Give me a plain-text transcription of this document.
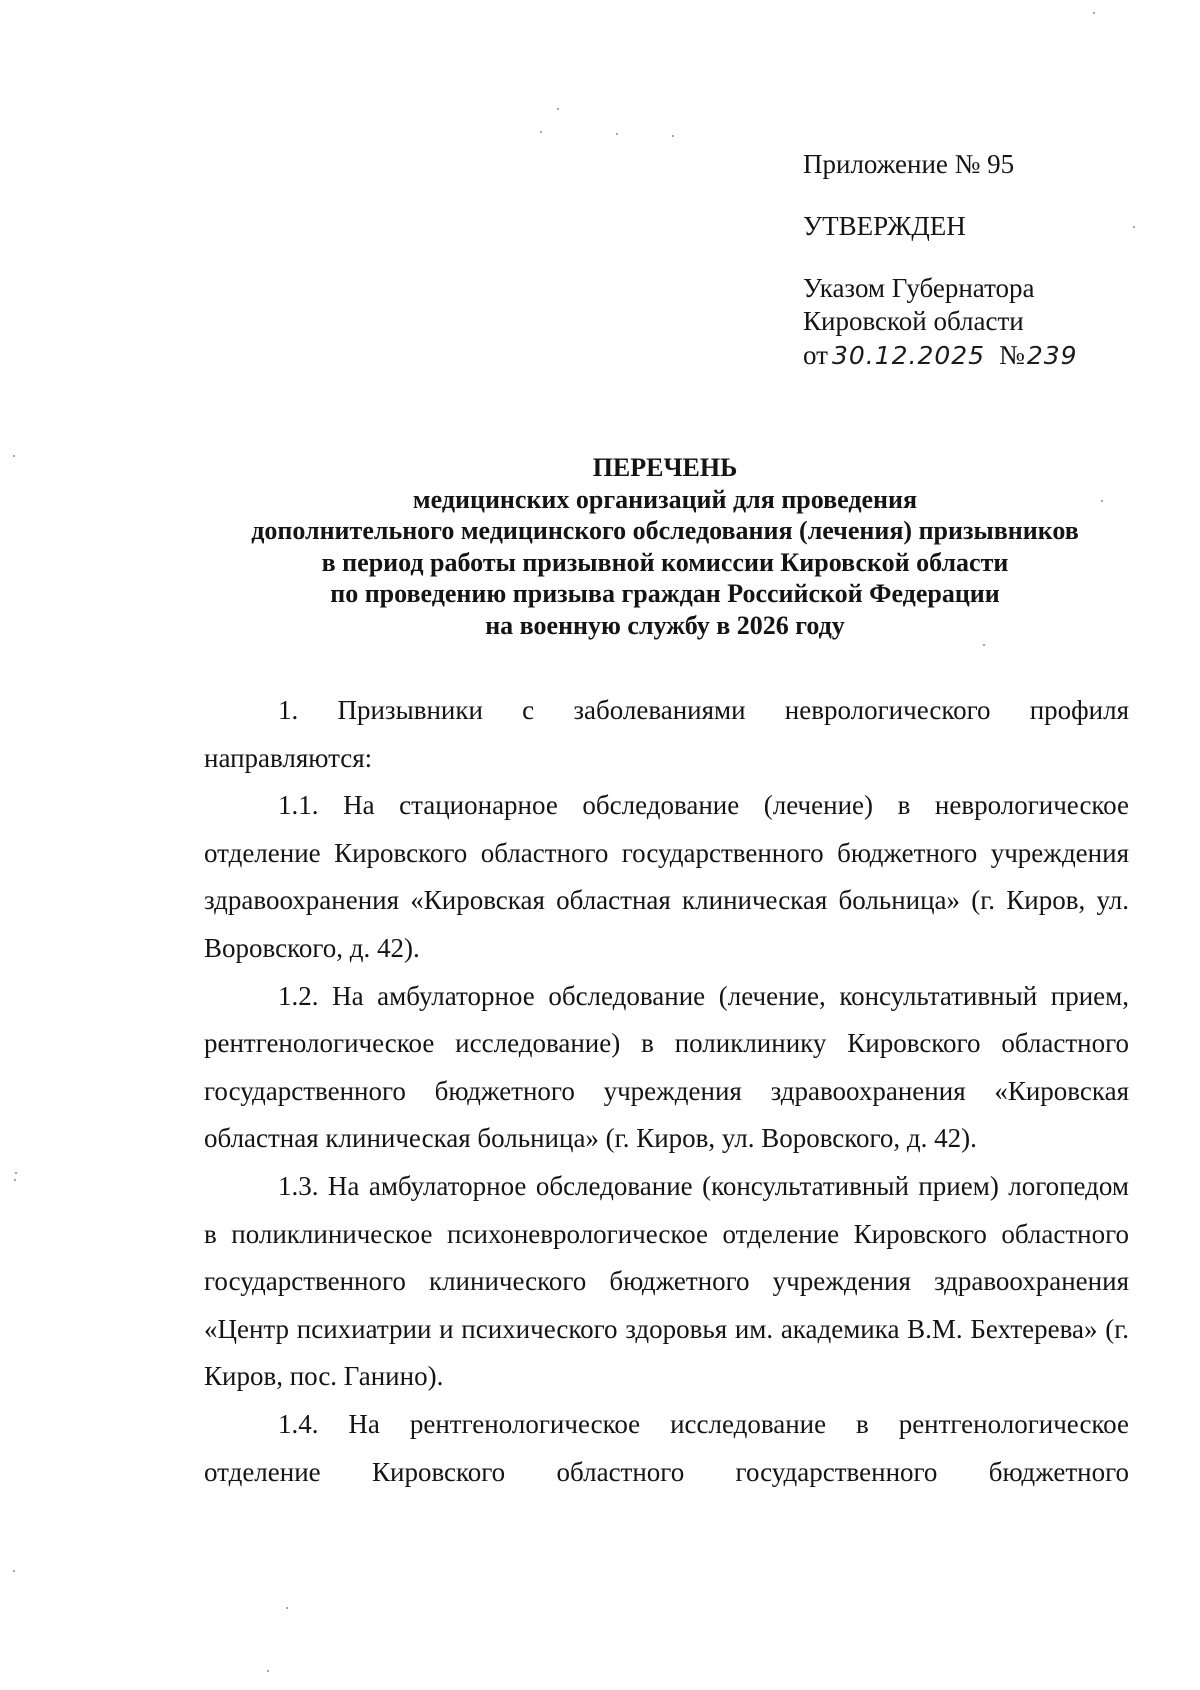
Приложение № 95
УТВЕРЖДЕН
Указом Губернатора
Кировской области
от 30.12.2025 №239
ПЕРЕЧЕНЬ
медицинских организаций для проведения
дополнительного медицинского обследования (лечения) призывников
в период работы призывной комиссии Кировской области
по проведению призыва граждан Российской Федерации
на военную службу в 2026 году

1. Призывники с заболеваниями неврологического профиля направляются:

1.1. На стационарное обследование (лечение) в неврологическое отделение Кировского областного государственного бюджетного учреждения здравоохранения «Кировская областная клиническая больница» (г. Киров, ул. Воровского, д. 42).

1.2. На амбулаторное обследование (лечение, консультативный прием, рентгенологическое исследование) в поликлинику Кировского областного государственного бюджетного учреждения здравоохранения «Кировская областная клиническая больница» (г. Киров, ул. Воровского, д. 42).

1.3. На амбулаторное обследование (консультативный прием) логопедом в поликлиническое психоневрологическое отделение Кировского областного государственного клинического бюджетного учреждения здравоохранения «Центр психиатрии и психического здоровья им. академика В.М. Бехтерева» (г. Киров, пос. Ганино).

1.4. На рентгенологическое исследование в рентгенологическое отделение Кировского областного государственного бюджетного
